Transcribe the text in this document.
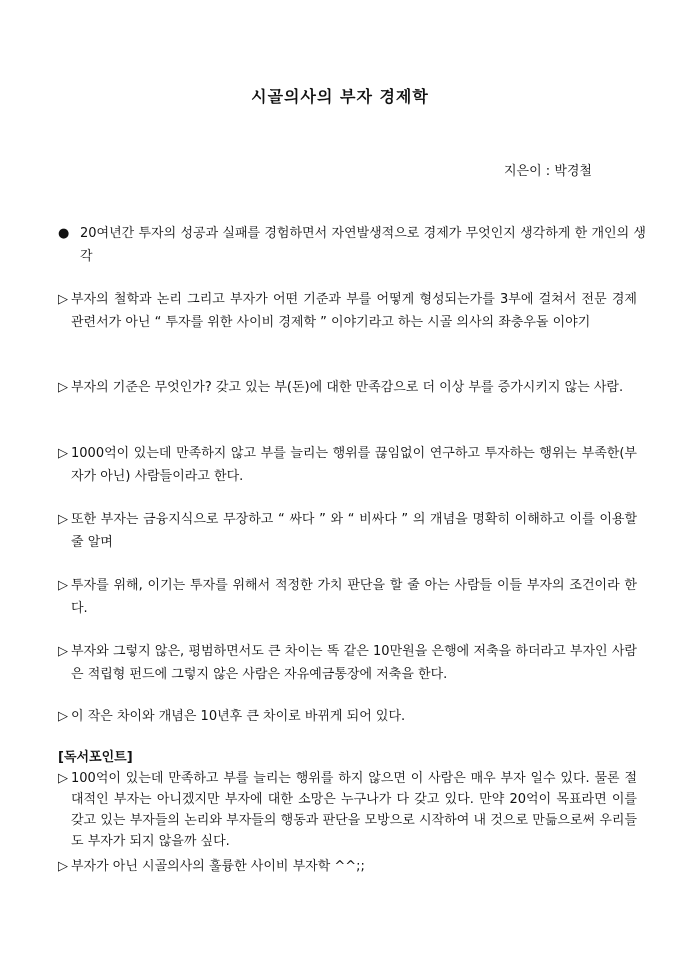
시골의사의 부자 경제학
지은이 : 박경철
● 20여년간 투자의 성공과 실패를 경험하면서 자연발생적으로 경제가 무엇인지 생각하게 한 개인의 생각
▷ 부자의 철학과 논리 그리고 부자가 어떤 기준과 부를 어떻게 형성되는가를 3부에 걸쳐서 전문 경제 관련서가 아닌 “ 투자를 위한 사이비 경제학 ” 이야기라고 하는 시골 의사의 좌충우돌 이야기
▷ 부자의 기준은 무엇인가? 갖고 있는 부(돈)에 대한 만족감으로 더 이상 부를 증가시키지 않는 사람.
▷ 1000억이 있는데 만족하지 않고 부를 늘리는 행위를 끊임없이 연구하고 투자하는 행위는 부족한(부자가 아닌) 사람들이라고 한다.
▷ 또한 부자는 금융지식으로 무장하고 “ 싸다 ” 와 “ 비싸다 ” 의 개념을 명확히 이해하고 이를 이용할 줄 알며
▷ 투자를 위해, 이기는 투자를 위해서 적정한 가치 판단을 할 줄 아는 사람들 이들 부자의 조건이라 한다.
▷ 부자와 그렇지 않은, 평범하면서도 큰 차이는 똑 같은 10만원을 은행에 저축을 하더라고 부자인 사람은 적립형 펀드에 그렇지 않은 사람은 자유예금통장에 저축을 한다.
▷ 이 작은 차이와 개념은 10년후 큰 차이로 바뀌게 되어 있다.
[독서포인트]
▷ 100억이 있는데 만족하고 부를 늘리는 행위를 하지 않으면 이 사람은 매우 부자 일수 있다. 물론 절대적인 부자는 아니겠지만 부자에 대한 소망은 누구나가 다 갖고 있다. 만약 20억이 목표라면 이를 갖고 있는 부자들의 논리와 부자들의 행동과 판단을 모방으로 시작하여 내 것으로 만듦으로써 우리들도 부자가 되지 않을까 싶다.
▷ 부자가 아닌 시골의사의 훌륭한 사이비 부자학 ^^;;
